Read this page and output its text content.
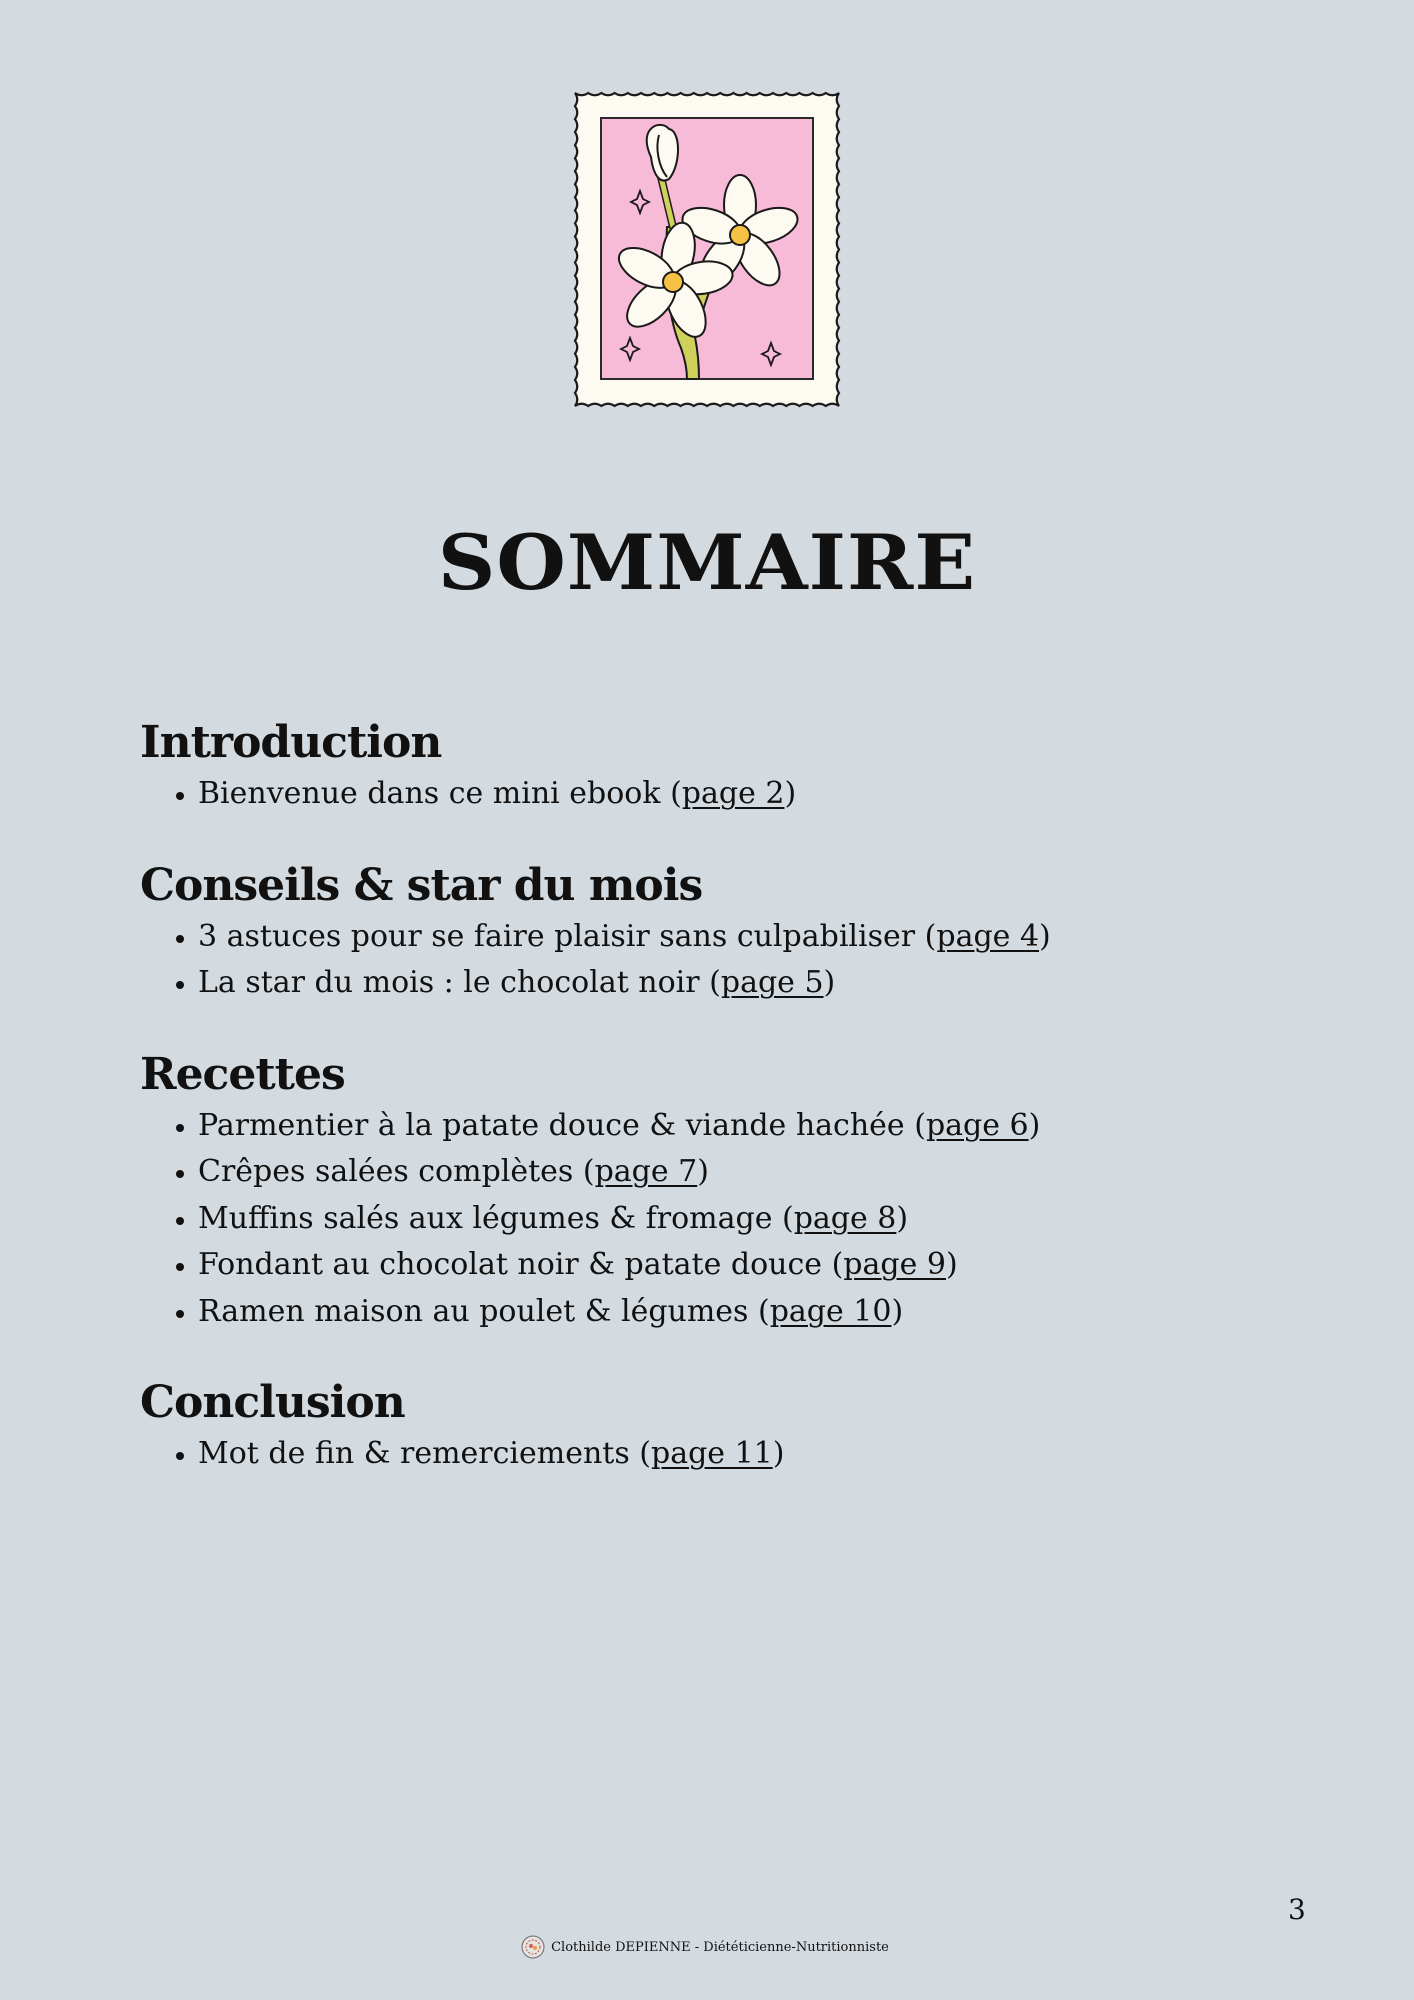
SOMMAIRE
Introduction
• Bienvenue dans ce mini ebook (page 2)
Conseils & star du mois
• 3 astuces pour se faire plaisir sans culpabiliser (page 4)
• La star du mois : le chocolat noir (page 5)
Recettes
• Parmentier à la patate douce & viande hachée (page 6)
• Crêpes salées complètes (page 7)
• Muffins salés aux légumes & fromage (page 8)
• Fondant au chocolat noir & patate douce (page 9)
• Ramen maison au poulet & légumes (page 10)
Conclusion
• Mot de fin & remerciements (page 11)
3
Clothilde DEPIENNE - Diététicienne-Nutritionniste
